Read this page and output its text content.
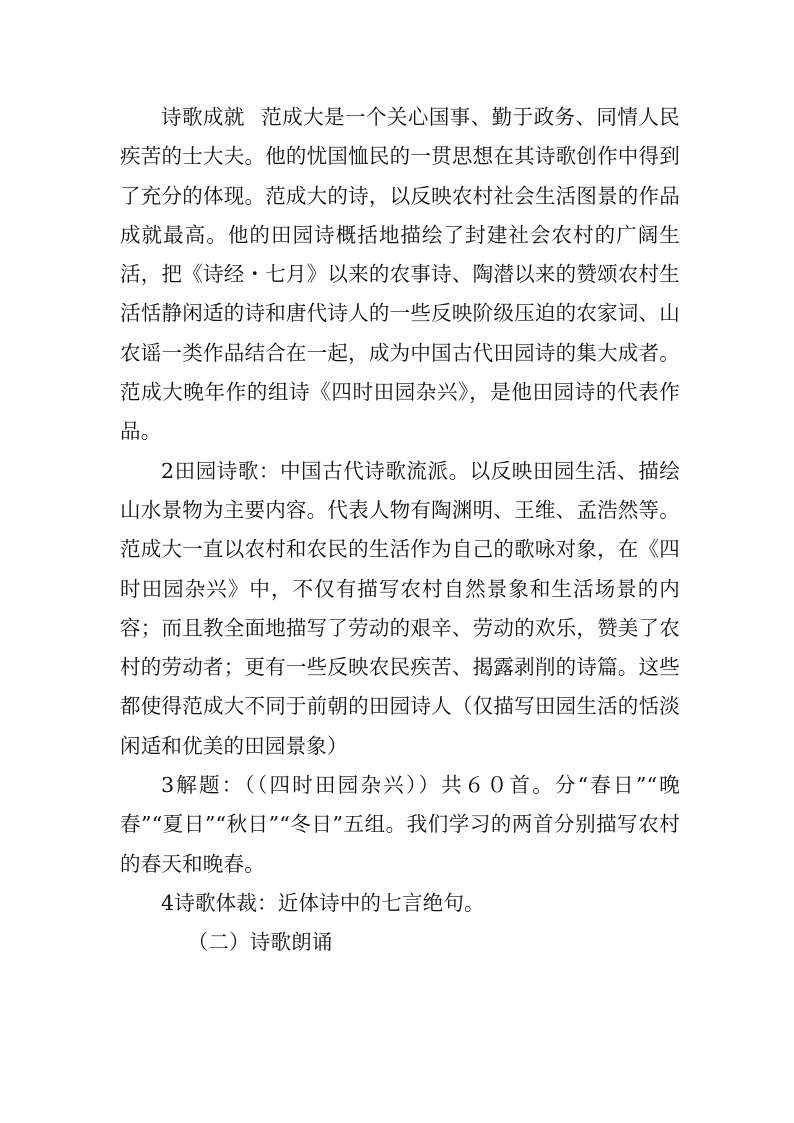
诗歌成就 范成大是一个关心国事、勤于政务、同情人民疾苦的士大夫。他的忧国恤民的一贯思想在其诗歌创作中得到了充分的体现。范成大的诗，以反映农村社会生活图景的作品成就最高。他的田园诗概括地描绘了封建社会农村的广阔生活，把《诗经・七月》以来的农事诗、陶潜以来的赞颂农村生活恬静闲适的诗和唐代诗人的一些反映阶级压迫的农家词、山农谣一类作品结合在一起，成为中国古代田园诗的集大成者。范成大晚年作的组诗《四时田园杂兴》，是他田园诗的代表作品。

2田园诗歌：中国古代诗歌流派。以反映田园生活、描绘山水景物为主要内容。代表人物有陶渊明、王维、孟浩然等。范成大一直以农村和农民的生活作为自己的歌咏对象，在《四时田园杂兴》中，不仅有描写农村自然景象和生活场景的内容；而且教全面地描写了劳动的艰辛、劳动的欢乐，赞美了农村的劳动者；更有一些反映农民疾苦、揭露剥削的诗篇。这些都使得范成大不同于前朝的田园诗人（仅描写田园生活的恬淡闲适和优美的田园景象）

3解题：（（四时田园杂兴））共６０首。分“春日”“晚春”“夏日”“秋日”“冬日”五组。我们学习的两首分别描写农村的春天和晚春。

4诗歌体裁：近体诗中的七言绝句。

（二）诗歌朗诵
